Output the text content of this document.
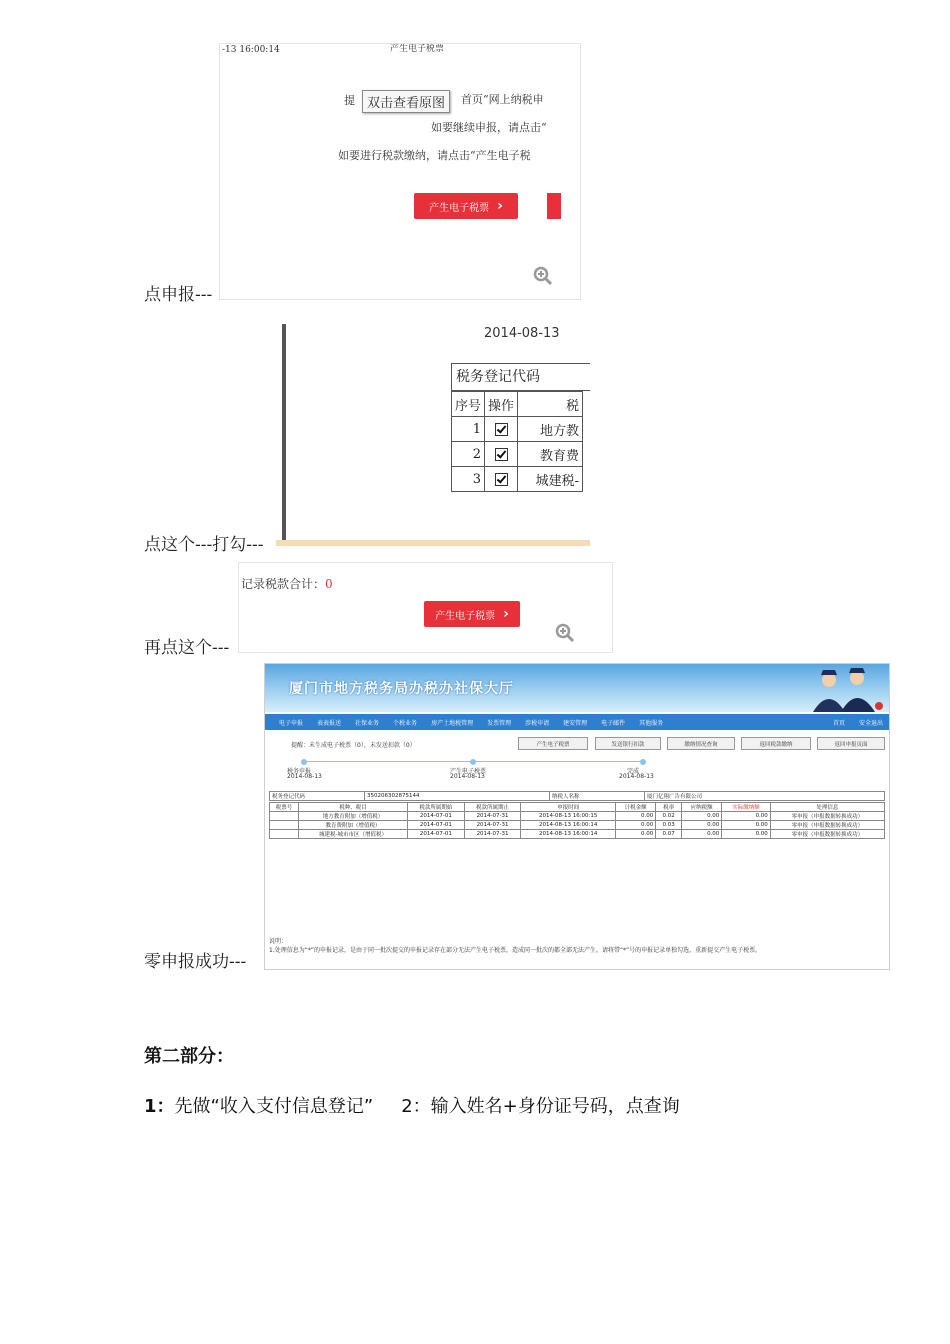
点申报---
-13 16:00:14	产生电子税票
提 双击查看原图	首页“网上纳税申
如要继续申报，请点击“
如要进行税款缴纳，请点击“产生电子税
产生电子税票 ›
点这个---打勾---
2014-08-13
税务登记代码
序号	操作	税
1		地方教
2		教育费
3		城建税-
再点这个---
记录税款合计：0
产生电子税票 ›
零申报成功---
厦门市地方税务局办税办社保大厅
电子申报 表表报送 社保业务 个税业务 房产土地税管理 发票管理 涉税申请 建安管理 电子邮件 其他服务	首页 安全退出
提醒：未生成电子税票（0），未发送扣款（0）	产生电子税票	发送银行扣款	缴纳情况查询	返回税款缴纳	返回申报页面
税务申报
2014-08-13
产生电子税票
2014-08-13
完成
2014-08-13
税务登记代码	350206302875144	纳税人名称	厦门亿翔广告有限公司
税票号	税种、税目	税款所属期始	税款所属期止	申报时间	计税金额	税率	应纳税额	实际缴纳额	处理信息
	地方教育附加（增值税）	2014-07-01	2014-07-31	2014-08-13 16:00:15	0.00	0.02	0.00	0.00	零申报（申报数据转换成功）
	教育费附加（增值税）	2014-07-01	2014-07-31	2014-08-13 16:00:14	0.00	0.03	0.00	0.00	零申报（申报数据转换成功）
	城建税-城市市区（增值税）	2014-07-01	2014-07-31	2014-08-13 16:00:14	0.00	0.07	0.00	0.00	零申报（申报数据转换成功）
说明：
1.处理信息为“*”的申报记录，是由于同一批次提交的申报记录存在部分无法产生电子税票，造成同一批次的都全部无法产生。请将带“*”号的申报记录单独勾选，重新提交产生电子税票。
第二部分：
1：先做“收入支付信息登记” 2：输入姓名+身份证号码，点查询
